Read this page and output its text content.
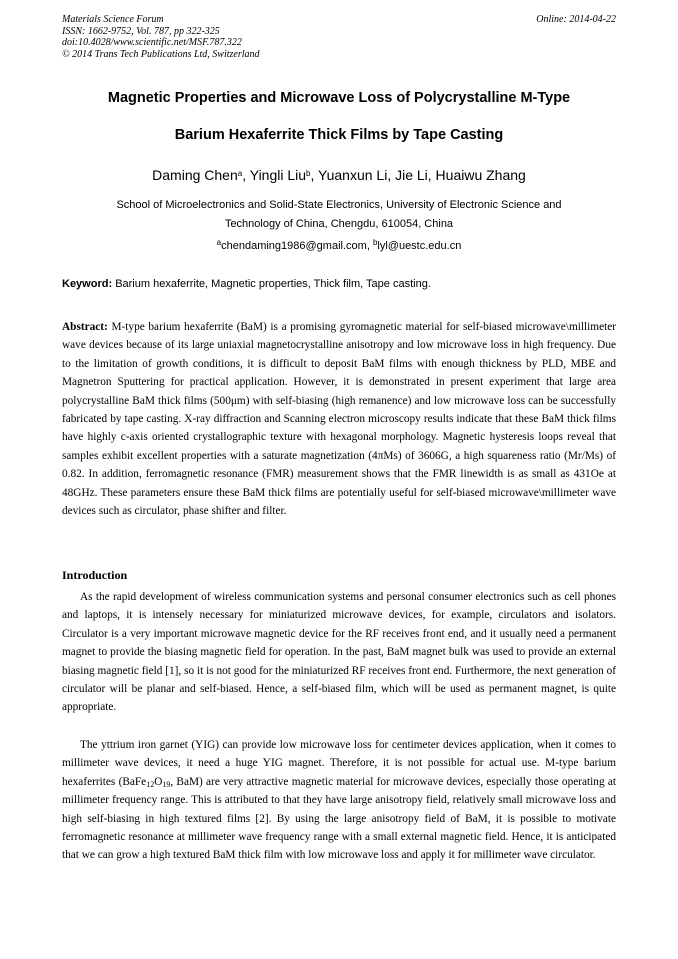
Materials Science Forum
ISSN: 1662-9752, Vol. 787, pp 322-325
doi:10.4028/www.scientific.net/MSF.787.322
© 2014 Trans Tech Publications Ltd, Switzerland
Online: 2014-04-22
Magnetic Properties and Microwave Loss of Polycrystalline M-Type
Barium Hexaferrite Thick Films by Tape Casting
Daming Chen$^a$, Yingli Liu$^b$, Yuanxun Li, Jie Li, Huaiwu Zhang
School of Microelectronics and Solid-State Electronics, University of Electronic Science and
Technology of China, Chengdu, 610054, China
$^a$chendaming1986@gmail.com, $^b$lyl@uestc.edu.cn
Keyword: Barium hexaferrite, Magnetic properties, Thick film, Tape casting.

Abstract: M-type barium hexaferrite (BaM) is a promising gyromagnetic material for self-biased microwave\millimeter wave devices because of its large uniaxial magnetocrystalline anisotropy and low microwave loss in high frequency. Due to the limitation of growth conditions, it is difficult to deposit BaM films with enough thickness by PLD, MBE and Magnetron Sputtering for practical application. However, it is demonstrated in present experiment that large area polycrystalline BaM thick films (500μm) with self-biasing (high remanence) and low microwave loss can be successfully fabricated by tape casting. X-ray diffraction and Scanning electron microscopy results indicate that these BaM thick films have highly c-axis oriented crystallographic texture with hexagonal morphology. Magnetic hysteresis loops reveal that samples exhibit excellent properties with a saturate magnetization (4πMs) of 3606G, a high squareness ratio (Mr/Ms) of 0.82. In addition, ferromagnetic resonance (FMR) measurement shows that the FMR linewidth is as small as 431Oe at 48GHz. These parameters ensure these BaM thick films are potentially useful for self-biased microwave\millimeter wave devices such as circulator, phase shifter and filter.

Introduction

As the rapid development of wireless communication systems and personal consumer electronics such as cell phones and laptops, it is intensely necessary for miniaturized microwave devices, for example, circulators and isolators. Circulator is a very important microwave magnetic device for the RF receives front end, and it usually need a permanent magnet to provide the biasing magnetic field for operation. In the past, BaM magnet bulk was used to provide an external biasing magnetic field [1], so it is not good for the miniaturized RF receives front end. Furthermore, the next generation of circulator will be planar and self-biased. Hence, a self-biased film, which will be used as permanent magnet, is quite appropriate.

The yttrium iron garnet (YIG) can provide low microwave loss for centimeter devices application, when it comes to millimeter wave devices, it need a huge YIG magnet. Therefore, it is not possible for actual use. M-type barium hexaferrites ($BaFe_{12}O_{19}$, BaM) are very attractive magnetic material for microwave devices, especially those operating at millimeter frequency range. This is attributed to that they have large anisotropy field, relatively small microwave loss and high self-biasing in high textured films [2]. By using the large anisotropy field of BaM, it is possible to motivate ferromagnetic resonance at millimeter wave frequency range with a small external magnetic field. Hence, it is anticipated that we can grow a high textured BaM thick film with low microwave loss and apply it for millimeter wave circulator.
